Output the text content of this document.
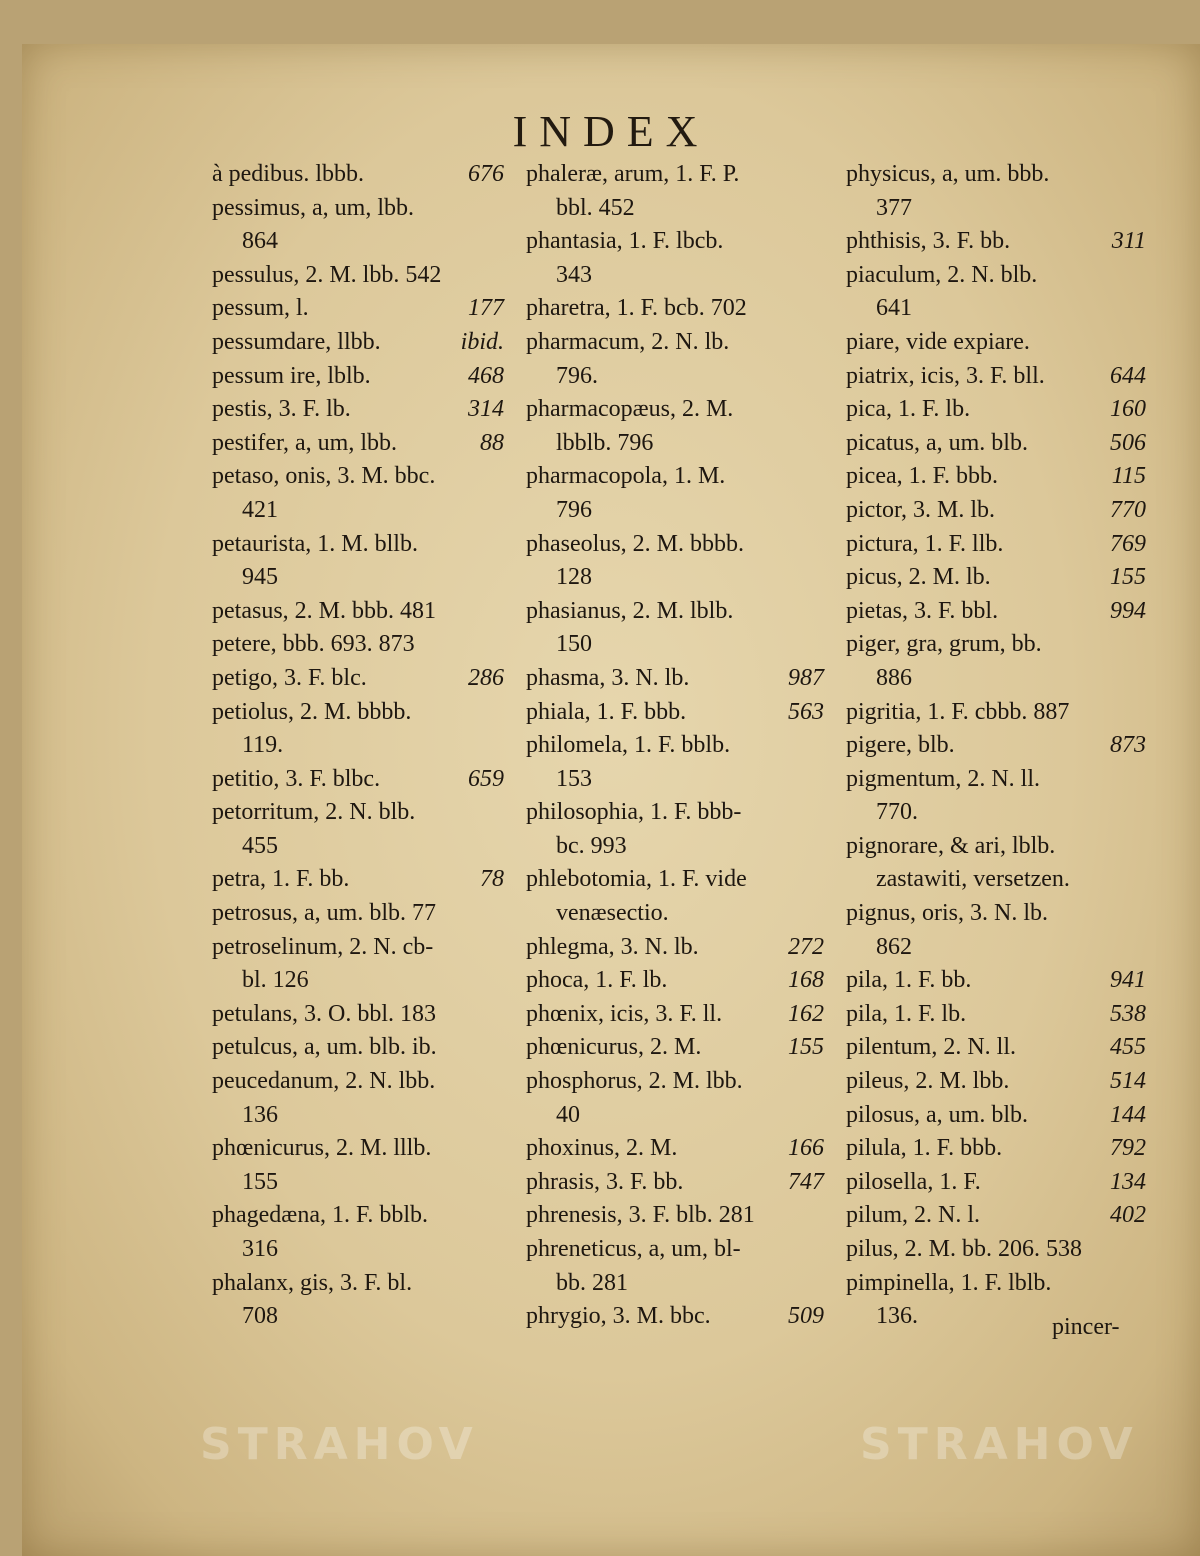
INDEX
à pedibus. lbbb.	676
pessimus, a, um, lbb.
864
pessulus, 2. M. lbb. 542
pessum, l.	177
pessumdare, llbb.	ibid.
pessum ire, lblb.	468
pestis, 3. F. lb.	314
pestifer, a, um, lbb.	88
petaso, onis, 3. M. bbc.
421
petaurista, 1. M. bllb.
945
petasus, 2. M. bbb. 481
petere, bbb. 693. 873
petigo, 3. F. blc.	286
petiolus, 2. M. bbbb.
119.
petitio, 3. F. blbc.	659
petorritum, 2. N. blb.
455
petra, 1. F. bb.	78
petrosus, a, um. blb. 77
petroselinum, 2. N. cb-
bl. 126
petulans, 3. O. bbl. 183
petulcus, a, um. blb. ib.
peucedanum, 2. N. lbb.
136
phœnicurus, 2. M. lllb.
155
phagedæna, 1. F. bblb.
316
phalanx, gis, 3. F. bl.
708
phaleræ, arum, 1. F. P.
bbl. 452
phantasia, 1. F. lbcb.
343
pharetra, 1. F. bcb. 702
pharmacum, 2. N. lb.
796.
pharmacopæus, 2. M.
lbblb. 796
pharmacopola, 1. M.
796
phaseolus, 2. M. bbbb.
128
phasianus, 2. M. lblb.
150
phasma, 3. N. lb.	987
phiala, 1. F. bbb.	563
philomela, 1. F. bblb.
153
philosophia, 1. F. bbb-
bc. 993
phlebotomia, 1. F. vide
venæsectio.
phlegma, 3. N. lb.	272
phoca, 1. F. lb.	168
phœnix, icis, 3. F. ll.	162
phœnicurus, 2. M.	155
phosphorus, 2. M. lbb.
40
phoxinus, 2. M.	166
phrasis, 3. F. bb.	747
phrenesis, 3. F. blb. 281
phreneticus, a, um, bl-
bb. 281
phrygio, 3. M. bbc.	509
physicus, a, um. bbb.
377
phthisis, 3. F. bb.	311
piaculum, 2. N. blb.
641
piare, vide expiare.
piatrix, icis, 3. F. bll.	644
pica, 1. F. lb.	160
picatus, a, um. blb.	506
picea, 1. F. bbb.	115
pictor, 3. M. lb.	770
pictura, 1. F. llb.	769
picus, 2. M. lb.	155
pietas, 3. F. bbl.	994
piger, gra, grum, bb.
886
pigritia, 1. F. cbbb. 887
pigere, blb.	873
pigmentum, 2. N. ll.
770.
pignorare, & ari, lblb.
zastawiti, versetzen.
pignus, oris, 3. N. lb.
862
pila, 1. F. bb.	941
pila, 1. F. lb.	538
pilentum, 2. N. ll.	455
pileus, 2. M. lbb.	514
pilosus, a, um. blb.	144
pilula, 1. F. bbb.	792
pilosella, 1. F.	134
pilum, 2. N. l.	402
pilus, 2. M. bb. 206. 538
pimpinella, 1. F. lblb.
136.	pincer-
STRAHOV	STRAHOV
